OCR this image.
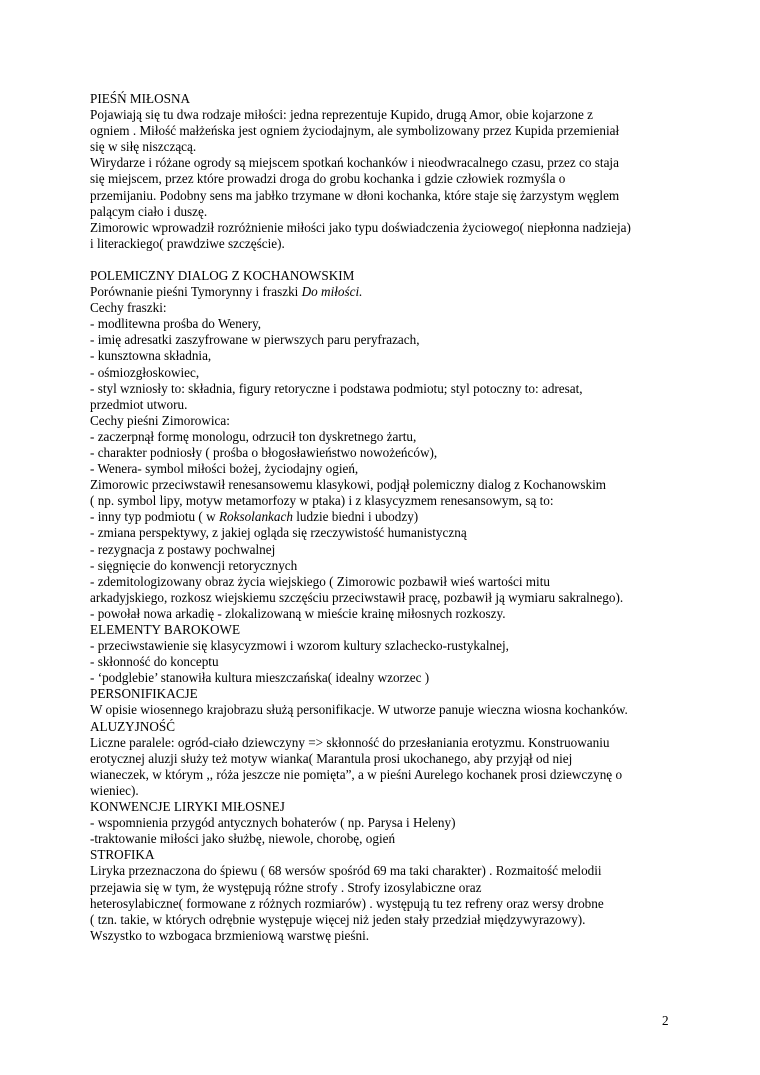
PIEŚŃ MIŁOSNA
Pojawiają się tu dwa rodzaje miłości: jedna reprezentuje Kupido, drugą Amor, obie kojarzone z
ogniem . Miłość małżeńska jest ogniem życiodajnym, ale symbolizowany przez Kupida przemieniał
się w siłę niszczącą.
Wirydarze i różane ogrody są miejscem spotkań kochanków i nieodwracalnego czasu, przez co staja
się miejscem, przez które prowadzi droga do grobu kochanka i gdzie człowiek rozmyśla o
przemijaniu. Podobny sens ma jabłko trzymane w dłoni kochanka, które staje się żarzystym węglem
palącym ciało i duszę.
Zimorowic wprowadził rozróżnienie miłości jako typu doświadczenia życiowego( niepłonna nadzieja)
i literackiego( prawdziwe szczęście).
POLEMICZNY DIALOG Z KOCHANOWSKIM
Porównanie pieśni Tymorynny i fraszki Do miłości.
Cechy fraszki:
- modlitewna prośba do Wenery,
- imię adresatki zaszyfrowane w pierwszych paru peryfrazach,
- kunsztowna składnia,
- ośmiozgłoskowiec,
- styl wzniosły to: składnia, figury retoryczne i podstawa podmiotu; styl potoczny to: adresat,
przedmiot utworu.
Cechy pieśni Zimorowica:
- zaczerpnął formę monologu, odrzucił ton dyskretnego żartu,
- charakter podniosły ( prośba o błogosławieństwo nowożeńców),
- Wenera- symbol miłości bożej, życiodajny ogień,
Zimorowic przeciwstawił renesansowemu klasykowi, podjął polemiczny dialog z Kochanowskim
( np. symbol lipy, motyw metamorfozy w ptaka) i z klasycyzmem renesansowym, są to:
- inny typ podmiotu ( w Roksolankach ludzie biedni i ubodzy)
- zmiana perspektywy, z jakiej ogląda się rzeczywistość humanistyczną
- rezygnacja z postawy pochwalnej
- sięgnięcie do konwencji retorycznych
- zdemitologizowany obraz życia wiejskiego ( Zimorowic pozbawił wieś wartości mitu
arkadyjskiego, rozkosz wiejskiemu szczęściu przeciwstawił pracę, pozbawił ją wymiaru sakralnego).
- powołał nowa arkadię - zlokalizowaną w mieście krainę miłosnych rozkoszy.
ELEMENTY BAROKOWE
- przeciwstawienie się klasycyzmowi i wzorom kultury szlachecko-rustykalnej,
- skłonność do konceptu
- ‘podglebie’ stanowiła kultura mieszczańska( idealny wzorzec )
PERSONIFIKACJE
W opisie wiosennego krajobrazu służą personifikacje. W utworze panuje wieczna wiosna kochanków.
ALUZYJNOŚĆ
Liczne paralele: ogród-ciało dziewczyny => skłonność do przesłaniania erotyzmu. Konstruowaniu
erotycznej aluzji służy też motyw wianka( Marantula prosi ukochanego, aby przyjął od niej
wianeczek, w którym ,, róża jeszcze nie pomięta”, a w pieśni Aurelego kochanek prosi dziewczynę o
wieniec).
KONWENCJE LIRYKI MIŁOSNEJ
- wspomnienia przygód antycznych bohaterów ( np. Parysa i Heleny)
-traktowanie miłości jako służbę, niewole, chorobę, ogień
STROFIKA
Liryka przeznaczona do śpiewu ( 68 wersów spośród 69 ma taki charakter) . Rozmaitość melodii
przejawia się w tym, że występują różne strofy . Strofy izosylabiczne oraz
heterosylabiczne( formowane z różnych rozmiarów) . występują tu tez refreny oraz wersy drobne
( tzn. takie, w których odrębnie występuje więcej niż jeden stały przedział międzywyrazowy).
Wszystko to wzbogaca brzmieniową warstwę pieśni.
2
